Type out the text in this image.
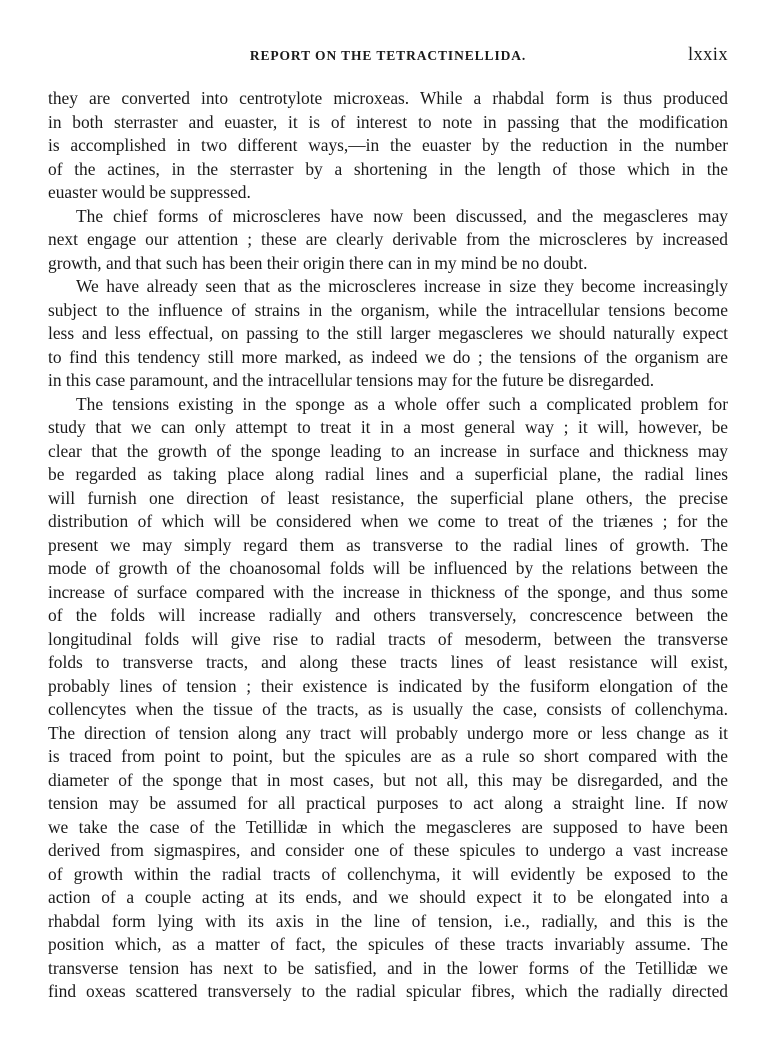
REPORT ON THE TETRACTINELLIDA.	lxxix
they are converted into centrotylote microxeas. While a rhabdal form is thus produced
in both sterraster and euaster, it is of interest to note in passing that the modification
is accomplished in two different ways,—in the euaster by the reduction in the number
of the actines, in the sterraster by a shortening in the length of those which in the
euaster would be suppressed.
The chief forms of microscleres have now been discussed, and the megascleres may
next engage our attention ; these are clearly derivable from the microscleres by increased
growth, and that such has been their origin there can in my mind be no doubt.
We have already seen that as the microscleres increase in size they become increasingly
subject to the influence of strains in the organism, while the intracellular tensions become
less and less effectual, on passing to the still larger megascleres we should naturally expect
to find this tendency still more marked, as indeed we do ; the tensions of the organism are
in this case paramount, and the intracellular tensions may for the future be disregarded.
The tensions existing in the sponge as a whole offer such a complicated problem for
study that we can only attempt to treat it in a most general way ; it will, however, be
clear that the growth of the sponge leading to an increase in surface and thickness may
be regarded as taking place along radial lines and a superficial plane, the radial lines
will furnish one direction of least resistance, the superficial plane others, the precise
distribution of which will be considered when we come to treat of the triænes ; for the
present we may simply regard them as transverse to the radial lines of growth. The
mode of growth of the choanosomal folds will be influenced by the relations between the
increase of surface compared with the increase in thickness of the sponge, and thus some
of the folds will increase radially and others transversely, concrescence between the
longitudinal folds will give rise to radial tracts of mesoderm, between the transverse
folds to transverse tracts, and along these tracts lines of least resistance will exist,
probably lines of tension ; their existence is indicated by the fusiform elongation of the
collencytes when the tissue of the tracts, as is usually the case, consists of collenchyma.
The direction of tension along any tract will probably undergo more or less change as it
is traced from point to point, but the spicules are as a rule so short compared with the
diameter of the sponge that in most cases, but not all, this may be disregarded, and the
tension may be assumed for all practical purposes to act along a straight line. If now
we take the case of the Tetillidæ in which the megascleres are supposed to have been
derived from sigmaspires, and consider one of these spicules to undergo a vast increase
of growth within the radial tracts of collenchyma, it will evidently be exposed to the
action of a couple acting at its ends, and we should expect it to be elongated into a
rhabdal form lying with its axis in the line of tension, i.e., radially, and this is the
position which, as a matter of fact, the spicules of these tracts invariably assume. The
transverse tension has next to be satisfied, and in the lower forms of the Tetillidæ we
find oxeas scattered transversely to the radial spicular fibres, which the radially directed
